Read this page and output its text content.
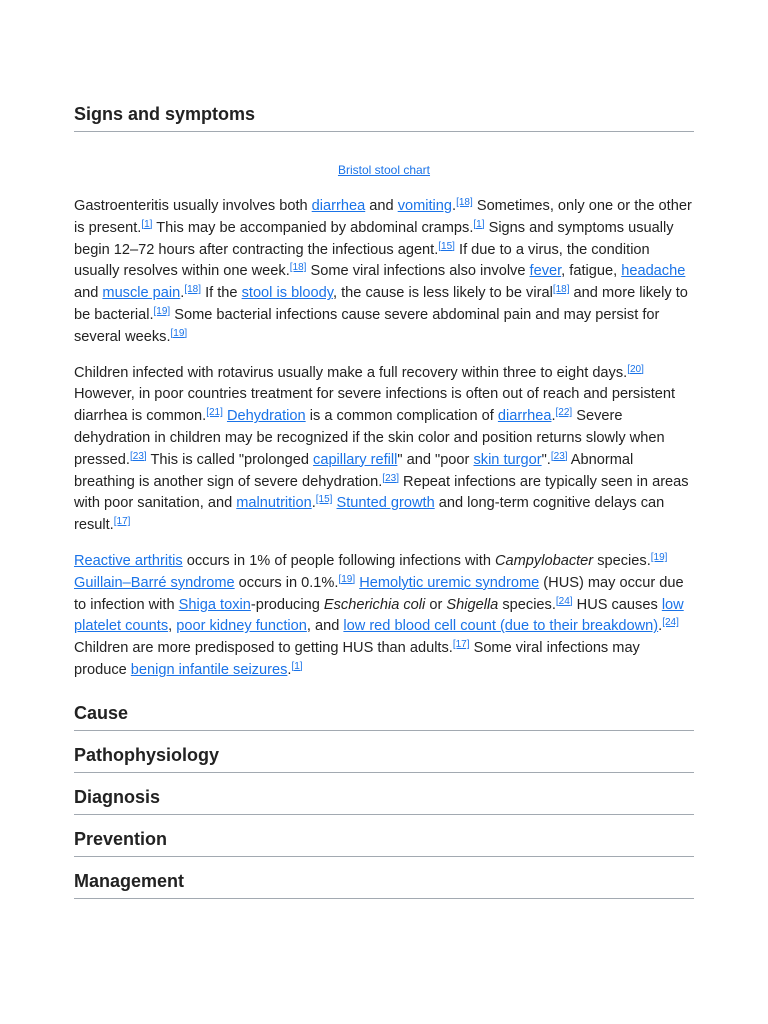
Signs and symptoms
Bristol stool chart

Gastroenteritis usually involves both diarrhea and vomiting.[18] Sometimes, only one or the other is present.[1] This may be accompanied by abdominal cramps.[1] Signs and symptoms usually begin 12–72 hours after contracting the infectious agent.[15] If due to a virus, the condition usually resolves within one week.[18] Some viral infections also involve fever, fatigue, headache and muscle pain.[18] If the stool is bloody, the cause is less likely to be viral[18] and more likely to be bacterial.[19] Some bacterial infections cause severe abdominal pain and may persist for several weeks.[19]

Children infected with rotavirus usually make a full recovery within three to eight days.[20] However, in poor countries treatment for severe infections is often out of reach and persistent diarrhea is common.[21] Dehydration is a common complication of diarrhea.[22] Severe dehydration in children may be recognized if the skin color and position returns slowly when pressed.[23] This is called "prolonged capillary refill" and "poor skin turgor".[23] Abnormal breathing is another sign of severe dehydration.[23] Repeat infections are typically seen in areas with poor sanitation, and malnutrition.[15] Stunted growth and long-term cognitive delays can result.[17]

Reactive arthritis occurs in 1% of people following infections with Campylobacter species.[19] Guillain–Barré syndrome occurs in 0.1%.[19] Hemolytic uremic syndrome (HUS) may occur due to infection with Shiga toxin-producing Escherichia coli or Shigella species.[24] HUS causes low platelet counts, poor kidney function, and low red blood cell count (due to their breakdown).[24] Children are more predisposed to getting HUS than adults.[17] Some viral infections may produce benign infantile seizures.[1]

Cause
Pathophysiology
Diagnosis
Prevention
Management
